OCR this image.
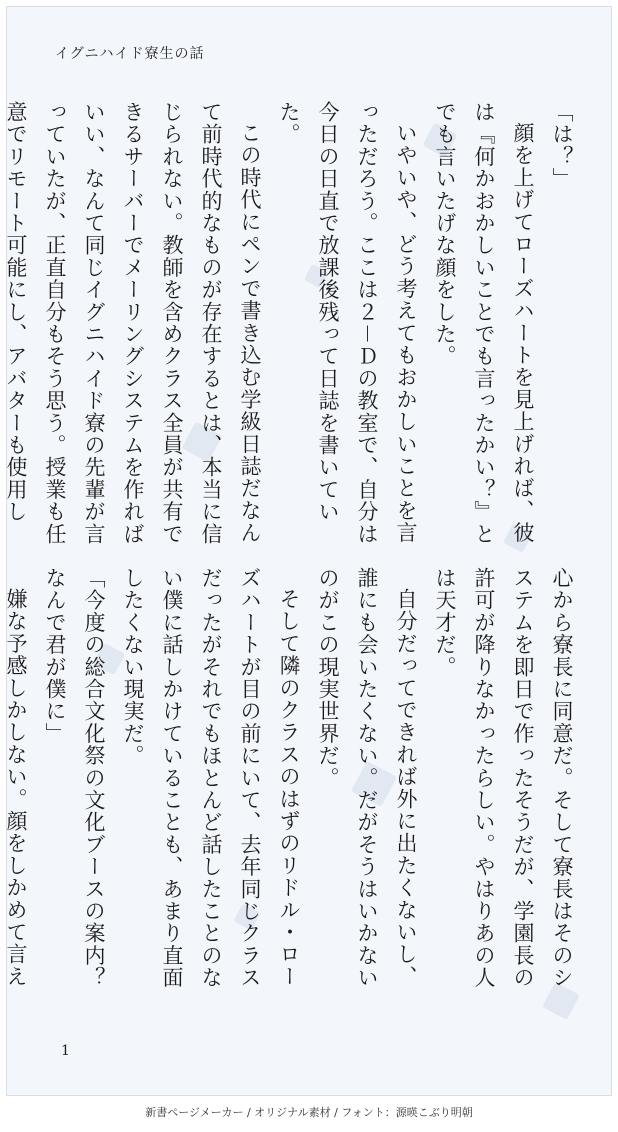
イグニハイド寮生の話

「は？」

顔を上げてローズハートを見上げれば、彼は『何かおかしいことでも言ったかい？』とでも言いたげな顔をした。

いやいや、どう考えてもおかしいことを言っただろう。ここは２－Ｄの教室で、自分は今日の日直で放課後残って日誌を書いていた。

この時代にペンで書き込む学級日誌だなんて前時代的なものが存在するとは、本当に信じられない。教師を含めクラス全員が共有できるサーバーでメーリングシステムを作ればいい、なんて同じイグニハイド寮の先輩が言っていたが、正直自分もそう思う。授業も任意でリモート可能にし、アバターも使用し

心から寮長に同意だ。そして寮長はそのシステムを即日で作ったそうだが、学園長の許可が降りなかったらしい。やはりあの人は天才だ。

自分だってできれば外に出たくないし、誰にも会いたくない。だがそうはいかないのがこの現実世界だ。

そして隣のクラスのはずのリドル・ローズハートが目の前にいて、去年同じクラスだったがそれでもほとんど話したことのない僕に話しかけていることも、あまり直面したくない現実だ。

「今度の総合文化祭の文化ブースの案内？　なんで君が僕に」

嫌な予感しかしない。顔をしかめて言え

1
新書ページメーカー / オリジナル素材 / フォント：源暎こぶり明朝
